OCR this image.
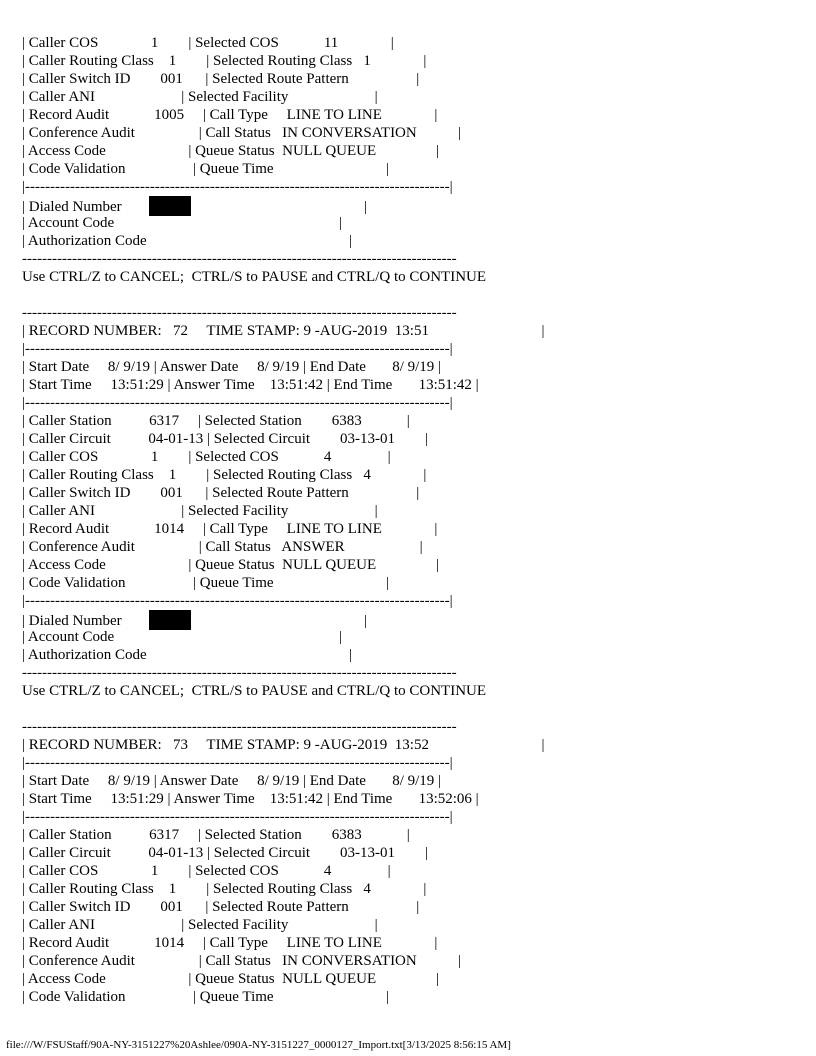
| Caller COS              1        | Selected COS            11              |
| Caller Routing Class    1        | Selected Routing Class   1              |
| Caller Switch ID        001      | Selected Route Pattern                  |
| Caller ANI                       | Selected Facility                       |
| Record Audit            1005     | Call Type     LINE TO LINE              |
| Conference Audit                 | Call Status   IN CONVERSATION           |
| Access Code                      | Queue Status  NULL QUEUE                |
| Code Validation                  | Queue Time                              |
|-------------------------------------------------------------------------------------|
| Dialed Number	|
| Account Code                                                            |
| Authorization Code                                                      |
---------------------------------------------------------------------------------------
Use CTRL/Z to CANCEL;  CTRL/S to PAUSE and CTRL/Q to CONTINUE
---------------------------------------------------------------------------------------
| RECORD NUMBER:   72     TIME STAMP: 9 -AUG-2019  13:51                              |
|-------------------------------------------------------------------------------------|
| Start Date     8/ 9/19 | Answer Date     8/ 9/19 | End Date       8/ 9/19 |
| Start Time     13:51:29 | Answer Time    13:51:42 | End Time       13:51:42 |
|-------------------------------------------------------------------------------------|
| Caller Station          6317     | Selected Station        6383            |
| Caller Circuit          04-01-13 | Selected Circuit        03-13-01        |
| Caller COS              1        | Selected COS            4               |
| Caller Routing Class    1        | Selected Routing Class   4              |
| Caller Switch ID        001      | Selected Route Pattern                  |
| Caller ANI                       | Selected Facility                       |
| Record Audit            1014     | Call Type     LINE TO LINE              |
| Conference Audit                 | Call Status   ANSWER                    |
| Access Code                      | Queue Status  NULL QUEUE                |
| Code Validation                  | Queue Time                              |
|-------------------------------------------------------------------------------------|
| Dialed Number	|
| Account Code                                                            |
| Authorization Code                                                      |
---------------------------------------------------------------------------------------
Use CTRL/Z to CANCEL;  CTRL/S to PAUSE and CTRL/Q to CONTINUE
---------------------------------------------------------------------------------------
| RECORD NUMBER:   73     TIME STAMP: 9 -AUG-2019  13:52                              |
|-------------------------------------------------------------------------------------|
| Start Date     8/ 9/19 | Answer Date     8/ 9/19 | End Date       8/ 9/19 |
| Start Time     13:51:29 | Answer Time    13:51:42 | End Time       13:52:06 |
|-------------------------------------------------------------------------------------|
| Caller Station          6317     | Selected Station        6383            |
| Caller Circuit          04-01-13 | Selected Circuit        03-13-01        |
| Caller COS              1        | Selected COS            4               |
| Caller Routing Class    1        | Selected Routing Class   4              |
| Caller Switch ID        001      | Selected Route Pattern                  |
| Caller ANI                       | Selected Facility                       |
| Record Audit            1014     | Call Type     LINE TO LINE              |
| Conference Audit                 | Call Status   IN CONVERSATION           |
| Access Code                      | Queue Status  NULL QUEUE                |
| Code Validation                  | Queue Time                              |
file:///W/FSUStaff/90A-NY-3151227%20Ashlee/090A-NY-3151227_0000127_Import.txt[3/13/2025 8:56:15 AM]
